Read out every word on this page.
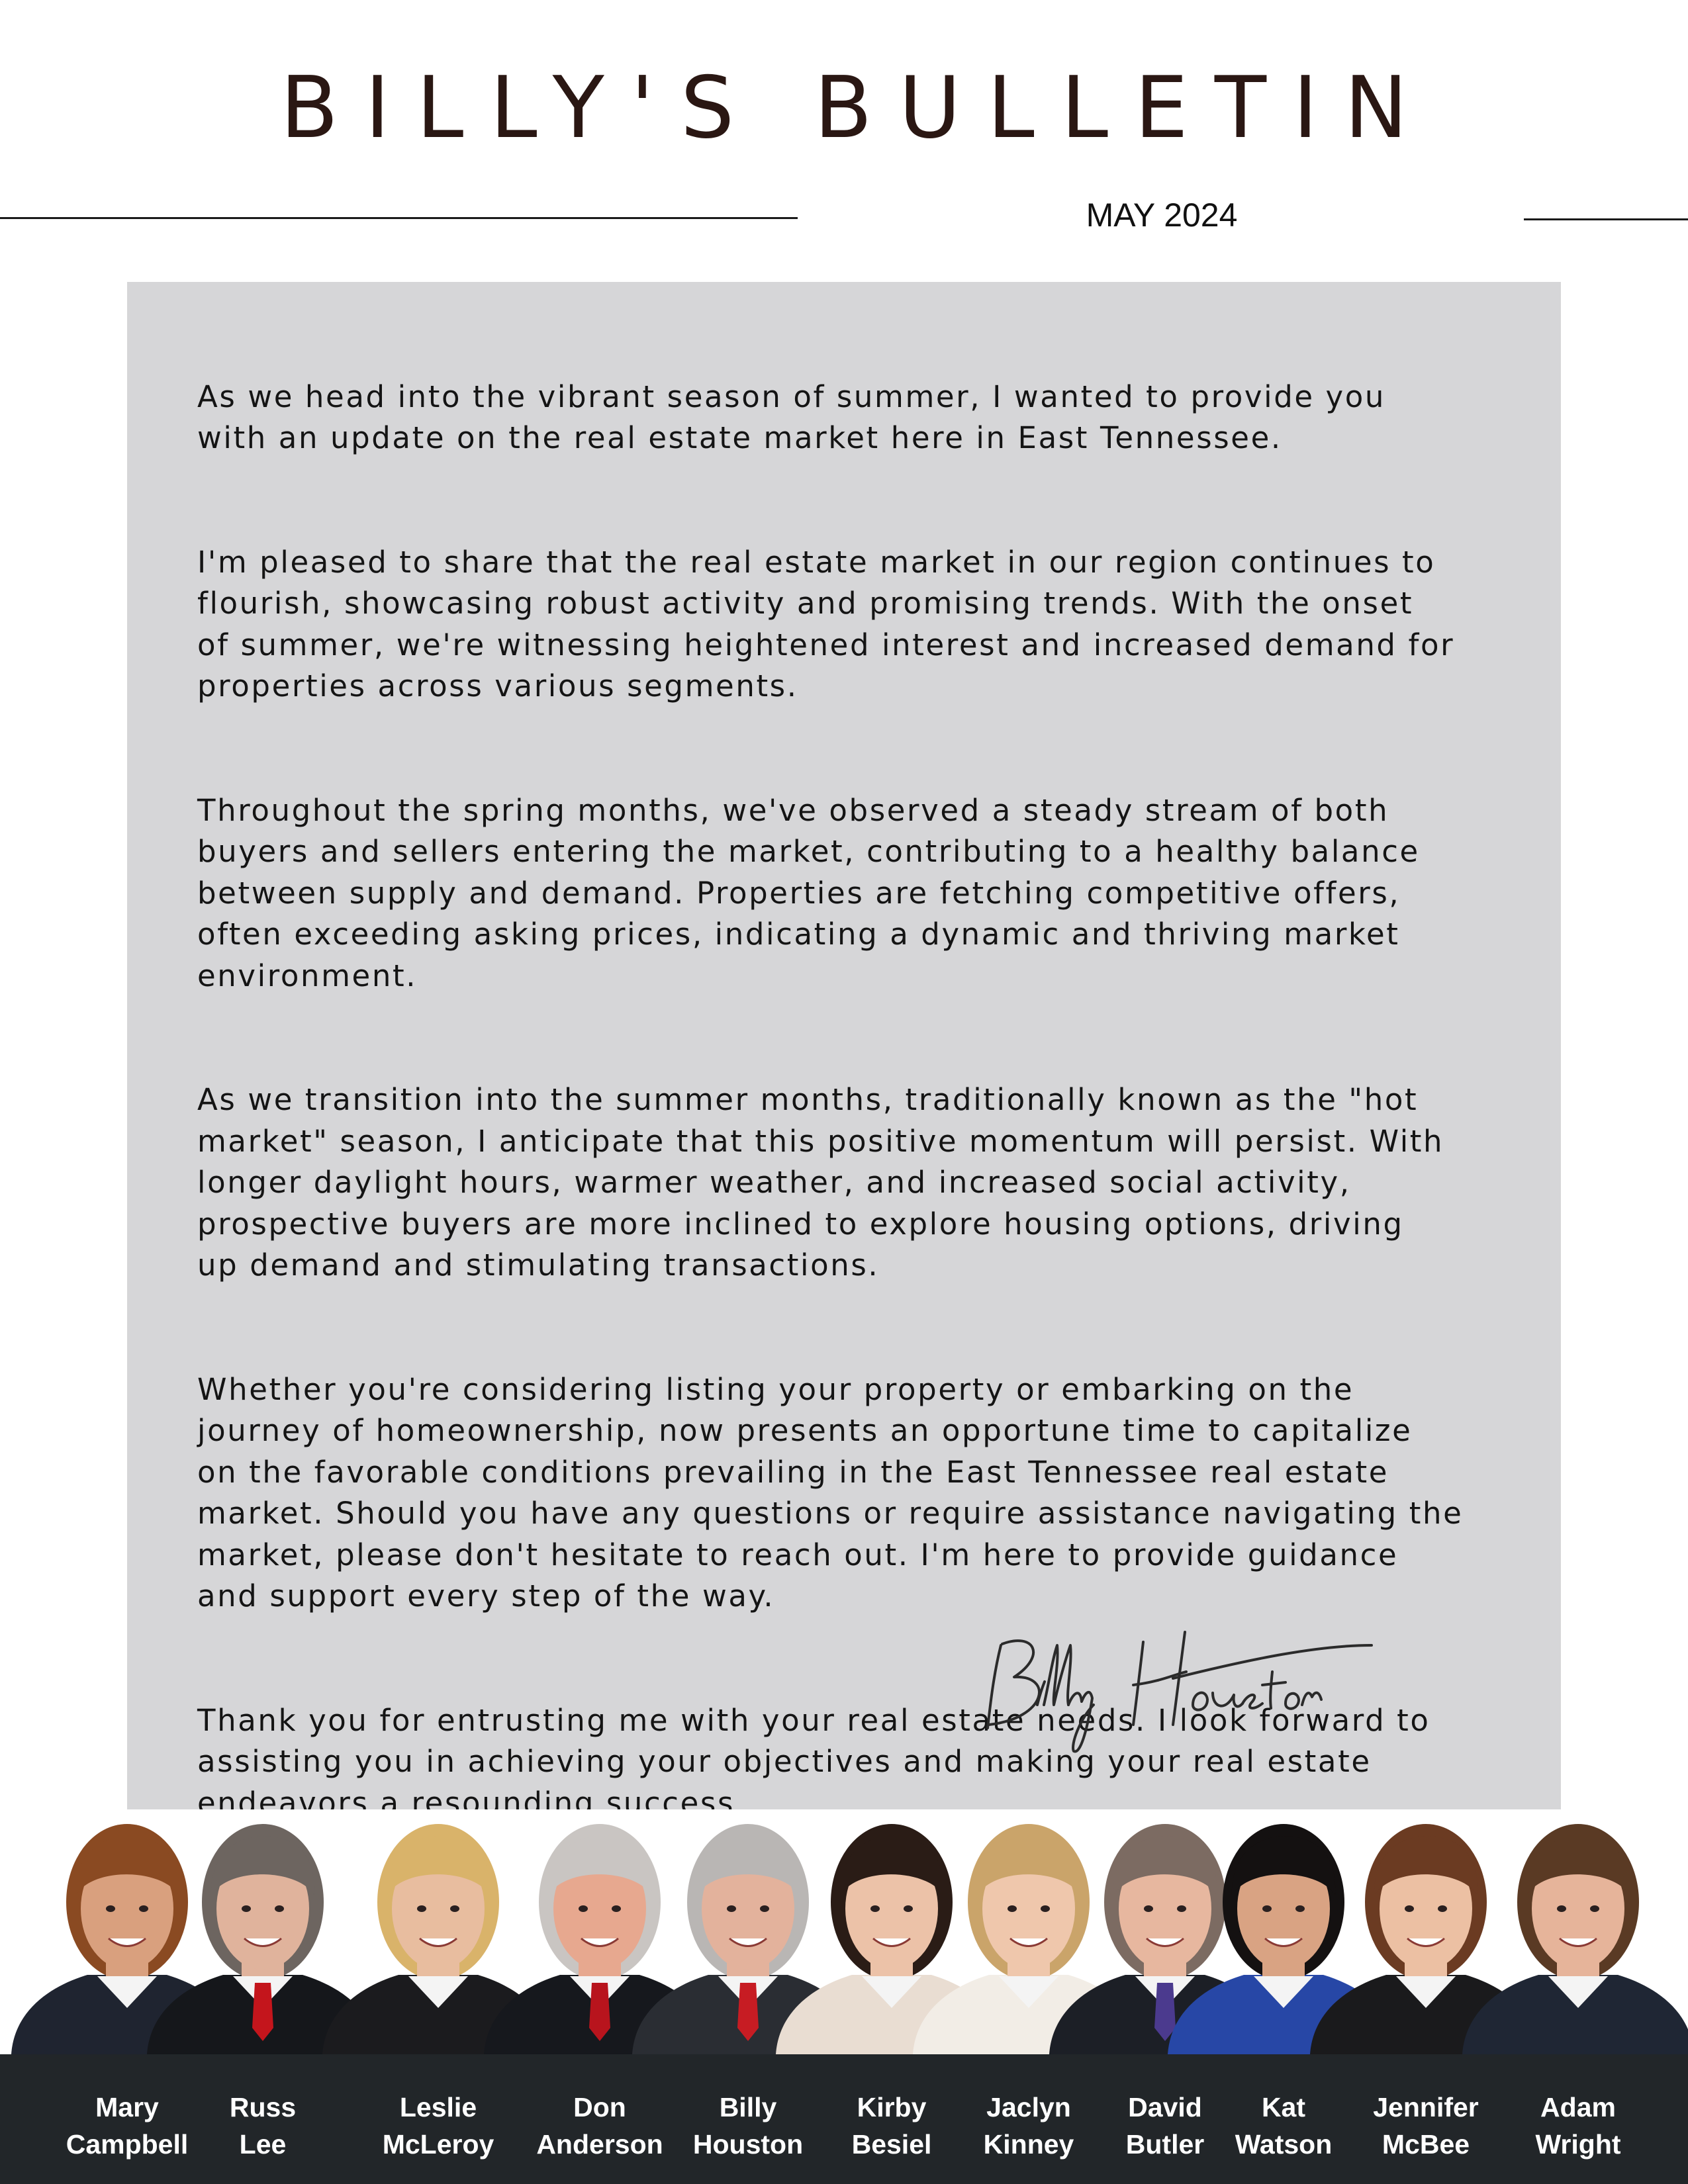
BILLY'S BULLETIN
MAY 2024

As we head into the vibrant season of summer, I wanted to provide you
with an update on the real estate market here in East Tennessee.

I'm pleased to share that the real estate market in our region continues to
flourish, showcasing robust activity and promising trends. With the onset
of summer, we're witnessing heightened interest and increased demand for
properties across various segments.

Throughout the spring months, we've observed a steady stream of both
buyers and sellers entering the market, contributing to a healthy balance
between supply and demand. Properties are fetching competitive offers,
often exceeding asking prices, indicating a dynamic and thriving market
environment.

As we transition into the summer months, traditionally known as the "hot
market" season, I anticipate that this positive momentum will persist. With
longer daylight hours, warmer weather, and increased social activity,
prospective buyers are more inclined to explore housing options, driving
up demand and stimulating transactions.

Whether you're considering listing your property or embarking on the
journey of homeownership, now presents an opportune time to capitalize
on the favorable conditions prevailing in the East Tennessee real estate
market. Should you have any questions or require assistance navigating the
market, please don't hesitate to reach out. I'm here to provide guidance
and support every step of the way.

Thank you for entrusting me with your real estate needs. I look forward to
assisting you in achieving your objectives and making your real estate
endeavors a resounding success.

Mary
Campbell
Russ
Lee
Leslie
McLeroy
Don
Anderson
Billy
Houston
Kirby
Besiel
Jaclyn
Kinney
David
Butler
Kat
Watson
Jennifer
McBee
Adam
Wright
